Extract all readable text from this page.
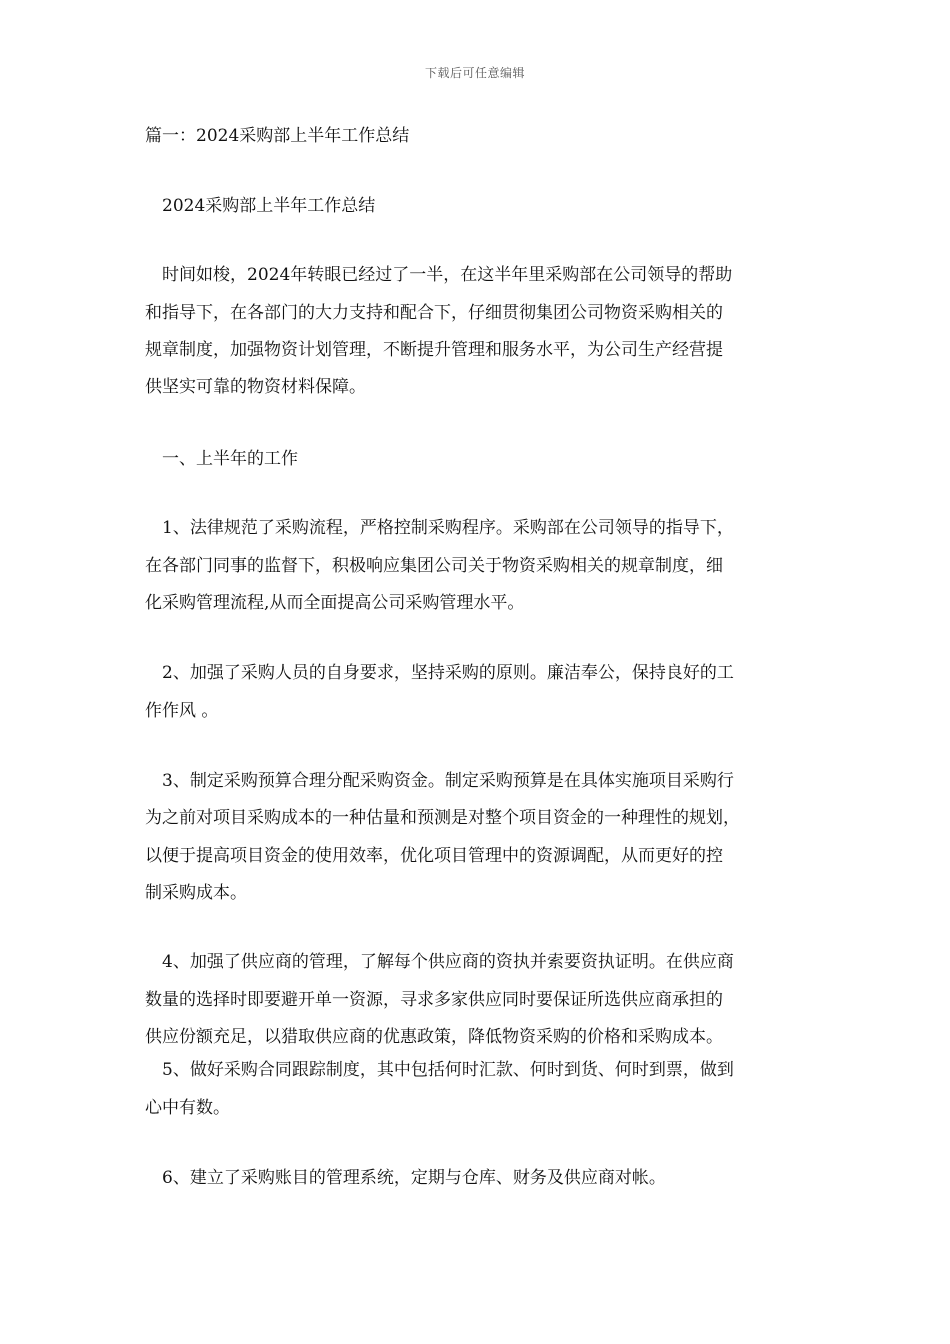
下载后可任意编辑
篇一：2024采购部上半年工作总结
2024采购部上半年工作总结
时间如梭，2024年转眼已经过了一半，在这半年里采购部在公司领导的帮助
和指导下，在各部门的大力支持和配合下，仔细贯彻集团公司物资采购相关的
规章制度，加强物资计划管理，不断提升管理和服务水平，为公司生产经营提
供坚实可靠的物资材料保障。
一、上半年的工作
1、法律规范了采购流程，严格控制采购程序。采购部在公司领导的指导下，
在各部门同事的监督下，积极响应集团公司关于物资采购相关的规章制度，细
化采购管理流程,从而全面提高公司采购管理水平。
2、加强了采购人员的自身要求，坚持采购的原则。廉洁奉公，保持良好的工
作作风 。
3、制定采购预算合理分配采购资金。制定采购预算是在具体实施项目采购行
为之前对项目采购成本的一种估量和预测是对整个项目资金的一种理性的规划，
以便于提高项目资金的使用效率，优化项目管理中的资源调配，从而更好的控
制采购成本。
4、加强了供应商的管理，了解每个供应商的资执并索要资执证明。在供应商
数量的选择时即要避开单一资源，寻求多家供应同时要保证所选供应商承担的
供应份额充足，以猎取供应商的优惠政策，降低物资采购的价格和采购成本。
5、做好采购合同跟踪制度，其中包括何时汇款、何时到货、何时到票，做到
心中有数。
6、建立了采购账目的管理系统，定期与仓库、财务及供应商对帐。
